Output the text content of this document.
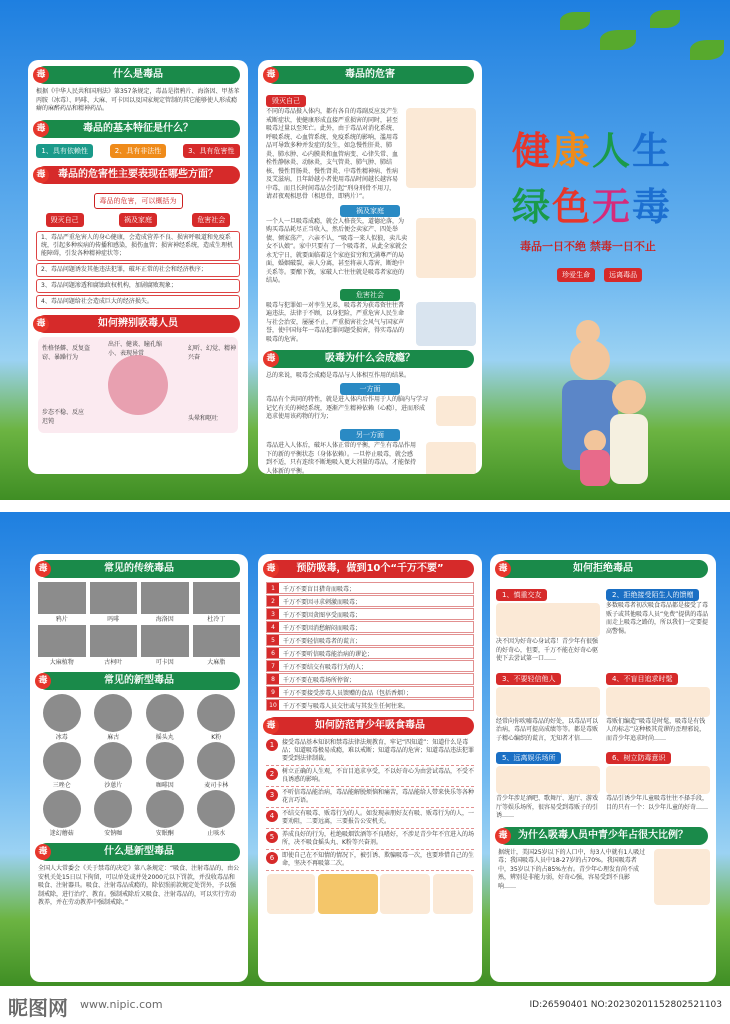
毒	什么是毒品
根据《中华人民共和国刑法》第357条规定，毒品是指鸦片、海洛因、甲基苯丙胺（冰毒）、吗啡、大麻、可卡因以及国家规定管制的其它能够使人形成瘾癖的麻醉药品和精神药品。
毒	毒品的基本特征是什么？
1、具有依赖性	2、具有非法性	3、具有危害性
毒	毒品的危害性主要表现在哪些方面？
毒品的危害，可以概括为
毁灭自己	祸及家庭	危害社会
1、毒品严重危害人的身心健康，会造成营养不良、损害呼吸道和免疫系统，引起多种疾病的传播和感染，损伤血管；损害神经系统，造成生理机能障碍，引发各种精神症状等；
2、毒品问题诱发其他违法犯罪，破坏正常的社会和经济秩序；
3、毒品问题渗透和腐蚀政权机构，加剧腐败现象；
4、毒品问题给社会造成巨大的经济损失。
毒	如何辨别吸毒人员
性格怪僻、反复盗窃、暴躁行为
出汗、健谈、瞳孔缩小、表现异常
幻听、幻觉、精神兴奋
步态不稳、反应迟钝	头晕和呕吐
毒	毒品的危害
毁灭自己
不同的毒品摄入体内，都有各自的毒副反应及产生戒断症状，使健康形成直接严重损害的同时，甚至吸毒过量以至死亡。此外，由于毒品对消化系统、呼吸系统、心血管系统、免疫系统的影响，滥用毒品可导致多种并发症的发生，如急慢性肝炎、肺炎、肺水肿、心内膜炎和血管病变、心律失常、血栓性静脉炎、动脉炎，支气管炎、肺气肿、肺结核、慢性胃肠炎、慢性肾炎、中毒性精神病、性病及艾滋病，且年龄越小者使用毒品时间越长越容易中毒，而且长时间毒品会引起“刑身刑骨不用刀，请君夜观相思骨（相思骨，即鸦片）”。
祸及家庭
一个人一旦吸毒成瘾，就会人格丧失，道德沦落，为购买毒品耗尽正当收入，然后便会卖家产、四处举债、倾家荡产，六亲不认，“吸毒一来人似狼，卖儿卖女不认娘”。家中只要有了一个吸毒者，从此全家就会永无宁日，就要面临着这个家庭贫穷和无满尊严的局面，婚姻破裂，亲人分离，甚至将亲人毒害，断绝中关系等。要酿下敦，家破人亡往往就是吸毒者家庭的结局。
危害社会
吸毒与犯罪如一对孪生兄弟，吸毒者为获毒资往往普遍违法，法律于不顾，以身犯险，严重危害人民生命与社会治安，屡屡不止，严重损害社会风气与国家声誉，使中国每年一毒品犯罪问题受损害，得实毒品的吸毒的危害。
毒	吸毒为什么会成瘾？
总的来说，吸毒会成瘾是毒品与人体相互作用的结果。
一方面
毒品有个共同的特性，就是进入体内后作用于人的脑内与学习记忆有关的神经系统，逐渐产生精神依赖（心瘾），进而形成追求使用该药物的行为；
另一方面
毒品进入人体后，破坏人体正常的平衡，产生有毒品作用下的新的平衡状态（身体依赖）。一旦停止吸毒，就会感到不适，只有连续不断地吸入更大剂量的毒品，才能保持人体新的平衡。
健康人生
绿色无毒
毒品一日不绝 禁毒一日不止
珍爱生命	远离毒品
毒	常见的传统毒品
鸦片	吗啡	海洛因	杜冷丁
大麻植物	古柯叶	可卡因	大麻脂
毒	常见的新型毒品
冰毒	麻古	摇头丸	K粉
三唑仑	沙蒽片	咖啡因	麦司卡林
迷幻蘑菇	安钠咖	安眠酮	止咳水
毒	什么是新型毒品
全国人大常委会《关于禁毒的决定》第八条规定：“吸食、注射毒品的，由公安机关处15日以下拘留，可以单处或并处2000元以下罚款，并没收毒品和吸食、注射器具。吸食、注射毒品成瘾的，除依照前款规定处罚外，予以强制戒除，进行治疗、教育。强制戒除后又吸食、注射毒品的，可以实行劳动教养，并在劳动教养中强制戒除。”
毒	预防吸毒，做到10个“千万不要”
1	千万不要盲目猎奇而吸毒；
2	千万不要因寻求刺激而吸毒；
3	千万不要因贪图享受而吸毒；
4	千万不要因消愁解闷而吸毒；
5	千万不要轻信吸毒者的谎言；
6	千万不要听信吸毒能治病的谬论；
7	千万不要结交有吸毒行为的人；
8	千万不要在吸毒场所停留；
9	千万不要接受涉毒人员馈赠的食品（包括香烟）；
10	千万不要与吸毒人员交往或与其发生任何往来。
毒	如何防范青少年吸食毒品
1	接受毒品基本知识和禁毒法律法规教育，牢记“四知道”：知道什么是毒品；知道吸毒极易成瘾，难以戒断；知道毒品的危害；知道毒品违法犯罪要受到法律制裁。
2	树立正确的人生观，不盲目追求享受，不以好奇心为由尝试毒品，不受不良诱惑的影响。
3	不听信毒品能治病，毒品能解脱烦恼和痛苦，毒品能给人带来快乐等各种花言巧语。
4	不结交有吸毒、贩毒行为的人。如发现亲朋好友有吸、贩毒行为的人，一要劝阻，二要远离，三要报告公安机关。
5	养成良好的行为，杜绝吸烟饮酒等不良嗜好，不涉足青少年不宜进入的场所，决不吸食摇头丸、K粉等兴奋剂。
6	即使自己在不知情的情况下，被引诱、欺骗吸毒一次，也要珍惜自己的生命，坚决不再吸第二次。
毒	如何拒绝毒品
1、慎重交友
决不因为好奇心身试毒！青少年有很强的好奇心，但要，千万不能在好奇心驱使下去尝试第一口……
2、拒绝接受陌生人的馈赠
多数吸毒者初次吸食毒品都是接受了毒贩子或其他吸毒人员“免费”提供的毒品而走上吸毒之路的，所以我们一定要提高警惕。
3、不要轻信他人
经常向你吹嘘毒品的好处，以毒品可以治病，毒品可提高成绩等等。都是毒贩子精心编织的谎言，无知者才信……
4、不盲目追求时髦
毒贩们编造“吸毒是时髦，吸毒是有钱人的标志”这种极其荒谬的歪理邪说，而青少年追求时尚……
5、远离娱乐场所
青少年涉足酒吧、歌舞厅、迪厅、游戏厅等娱乐场所，很容易受到毒贩子的引诱……
6、树立防毒意识
毒品引诱少年儿童吸毒往往不择手段，目的只有一个：以少年儿童的好奇……
毒	为什么吸毒人员中青少年占很大比例？
据统计，美国25岁以下的人口中，每3人中就有1人吸过毒；我国吸毒人员中18-27岁的占70%。我国吸毒者中，35岁以下的占85%左右。青少年心理发育尚不成熟，辨别是非能力弱，好奇心强，容易受到不良影响……
昵图网 www.nipic.com	ID:26590401 NO:20230201152802521103
